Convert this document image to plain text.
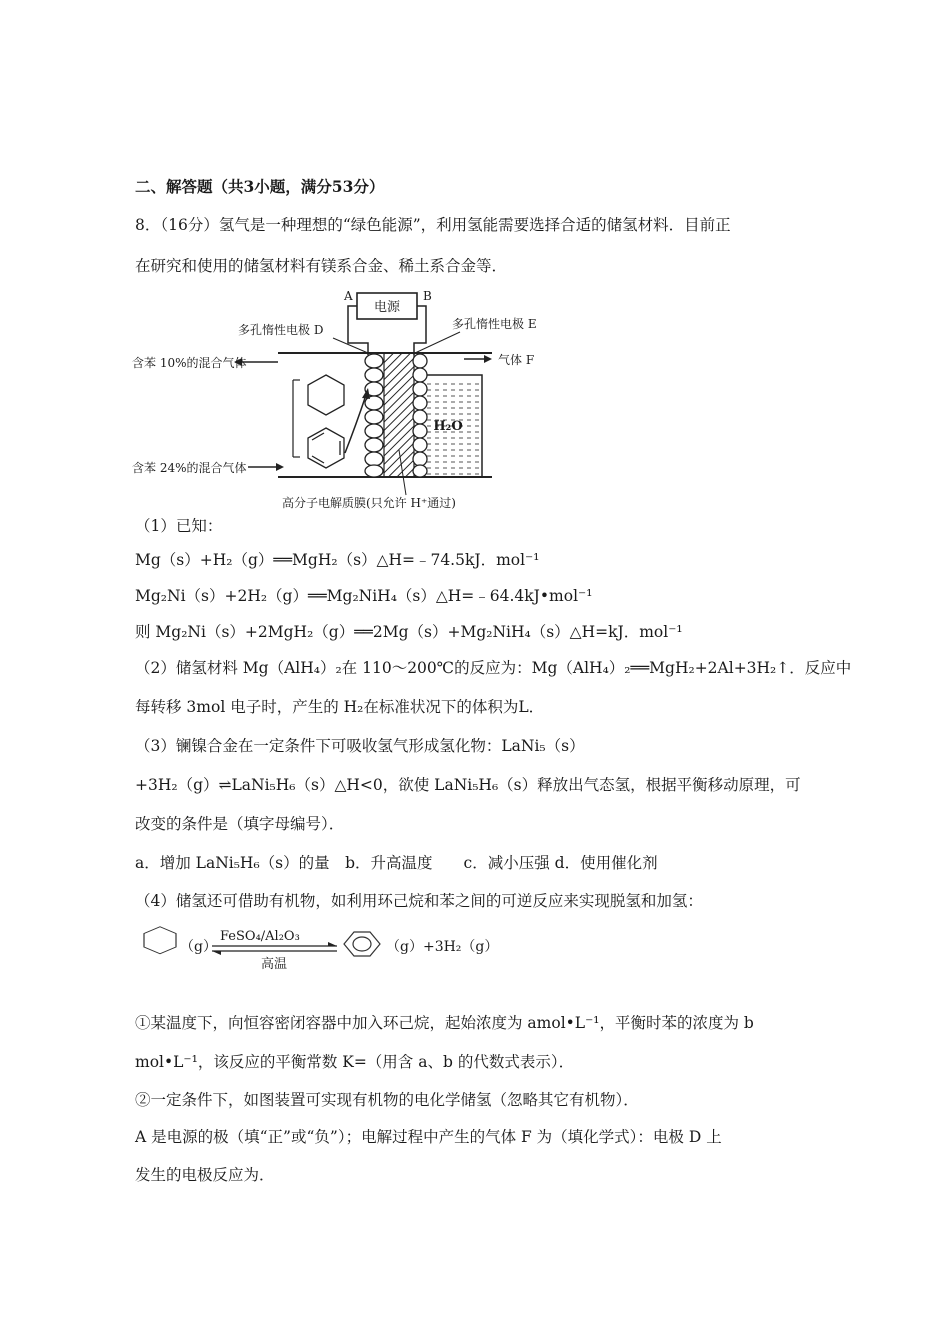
二、解答题（共3小题，满分53分）
8．（16分）氢气是一种理想的“绿色能源”，利用氢能需要选择合适的储氢材料．目前正
在研究和使用的储氢材料有镁系合金、稀土系合金等．
电源
A	B
多孔惰性电极 D	多孔惰性电极 E
H₂O
含苯 10%的混合气体
含苯 24%的混合气体
气体 F
高分子电解质膜(只允许 H⁺通过)
（1）已知：
Mg（s）+H₂（g）══MgH₂（s）△H=﹣74.5kJ．mol⁻¹
Mg₂Ni（s）+2H₂（g）══Mg₂NiH₄（s）△H=﹣64.4kJ•mol⁻¹
则 Mg₂Ni（s）+2MgH₂（g）══2Mg（s）+Mg₂NiH₄（s）△H=kJ．mol⁻¹
（2）储氢材料 Mg（AlH₄）₂在 110～200℃的反应为：Mg（AlH₄）₂══MgH₂+2Al+3H₂↑．反应中
每转移 3mol 电子时，产生的 H₂在标准状况下的体积为L．
（3）镧镍合金在一定条件下可吸收氢气形成氢化物：LaNi₅（s）
+3H₂（g）⇌LaNi₅H₆（s）△H<0，欲使 LaNi₅H₆（s）释放出气态氢，根据平衡移动原理，可
改变的条件是（填字母编号）．
a．增加 LaNi₅H₆（s）的量　b．升高温度　　c．减小压强 d．使用催化剂
（4）储氢还可借助有机物，如利用环己烷和苯之间的可逆反应来实现脱氢和加氢：
（g）
FeSO₄/Al₂O₃
高温
（g）+3H₂（g）
①某温度下，向恒容密闭容器中加入环己烷，起始浓度为 amol•L⁻¹，平衡时苯的浓度为 b
mol•L⁻¹，该反应的平衡常数 K=（用含 a、b 的代数式表示）．
②一定条件下，如图装置可实现有机物的电化学储氢（忽略其它有机物）．
A 是电源的极（填“正”或“负”）；电解过程中产生的气体 F 为（填化学式）：电极 D 上
发生的电极反应为．
